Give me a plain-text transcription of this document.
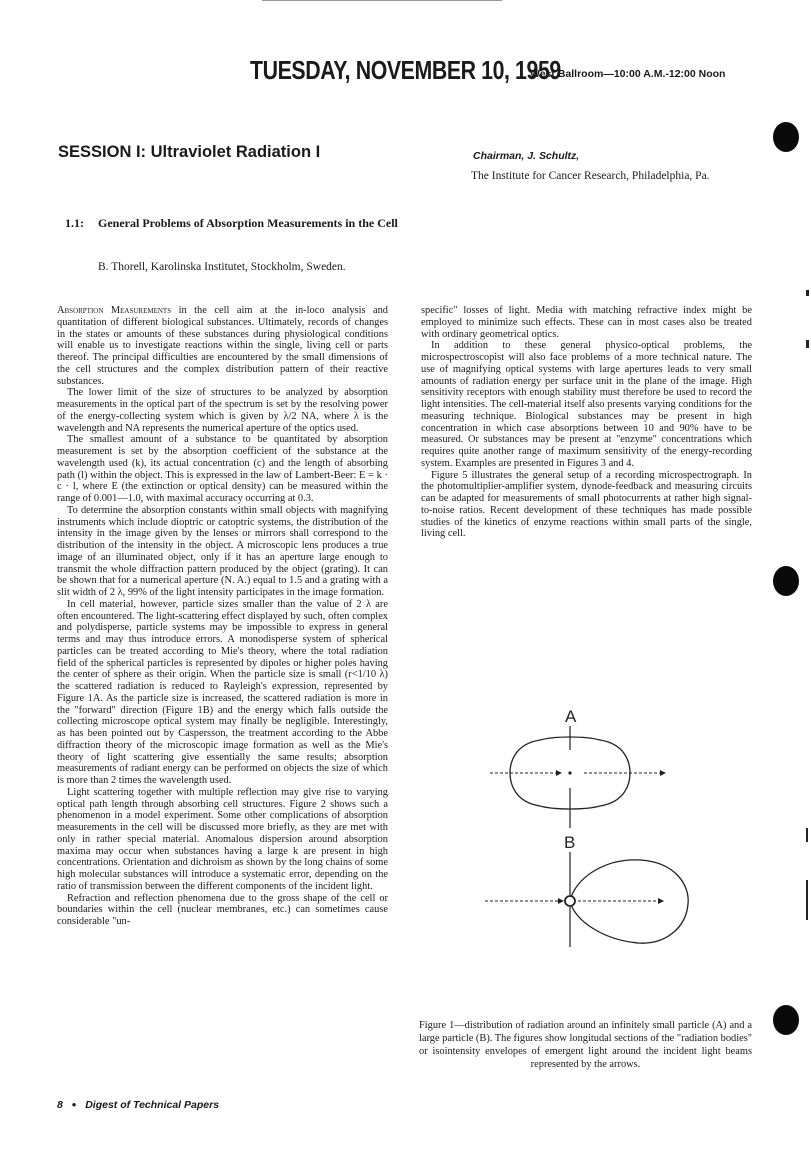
TUESDAY, NOVEMBER 10, 1959
West Ballroom—10:00 A.M.-12:00 Noon
SESSION I: Ultraviolet Radiation I	Chairman, J. Schultz,
The Institute for Cancer Research, Philadelphia, Pa.
1.1: General Problems of Absorption Measurements in the Cell
B. Thorell, Karolinska Institutet, Stockholm, Sweden.

Absorption Measurements in the cell aim at the in-loco analysis and quantitation of different biological substances. Ultimately, records of changes in the states or amounts of these substances during physiological conditions will enable us to investigate reactions within the single, living cell or parts thereof. The principal difficulties are encountered by the small dimensions of the cell structures and the complex distribution pattern of their reactive substances.

The lower limit of the size of structures to be analyzed by absorption measurements in the optical part of the spectrum is set by the resolving power of the energy-collecting system which is given by λ/2 NA, where λ is the wavelength and NA represents the numerical aperture of the optics used.

The smallest amount of a substance to be quantitated by absorption measurement is set by the absorption coefficient of the substance at the wavelength used (k), its actual concentration (c) and the length of absorbing path (l) within the object. This is expressed in the law of Lambert-Beer: E = k · c · l, where E (the extinction or optical density) can be measured within the range of 0.001—1.0, with maximal accuracy occurring at 0.3.

To determine the absorption constants within small objects with magnifying instruments which include dioptric or catoptric systems, the distribution of the intensity in the image given by the lenses or mirrors shall correspond to the distribution of the intensity in the object. A microscopic lens produces a true image of an illuminated object, only if it has an aperture large enough to transmit the whole diffraction pattern produced by the object (grating). It can be shown that for a numerical aperture (N. A.) equal to 1.5 and a grating with a slit width of 2 λ, 99% of the light intensity participates in the image formation.

In cell material, however, particle sizes smaller than the value of 2 λ are often encountered. The light-scattering effect displayed by such, often complex and polydisperse, particle systems may be impossible to express in general terms and may thus introduce errors. A monodisperse system of spherical particles can be treated according to Mie's theory, where the total radiation field of the spherical particles is represented by dipoles or higher poles having the center of sphere as their origin. When the particle size is small (r<1/10 λ) the scattered radiation is reduced to Rayleigh's expression, represented by Figure 1A. As the particle size is increased, the scattered radiation is more in the "forward" direction (Figure 1B) and the energy which falls outside the collecting microscope optical system may finally be negligible. Interestingly, as has been pointed out by Caspersson, the treatment according to the Abbe diffraction theory of the microscopic image formation as well as the Mie's theory of light scattering give essentially the same results; absorption measurements of radiant energy can be performed on objects the size of which is more than 2 times the wavelength used.

Light scattering together with multiple reflection may give rise to varying optical path length through absorbing cell structures. Figure 2 shows such a phenomenon in a model experiment. Some other complications of absorption measurements in the cell will be discussed more briefly, as they are met with only in rather special material. Anomalous dispersion around absorption maxima may occur when substances having a large k are present in high concentrations. Orientation and dichroism as shown by the long chains of some high molecular substances will introduce a systematic error, depending on the ratio of transmission between the different components of the incident light.

Refraction and reflection phenomena due to the gross shape of the cell or boundaries within the cell (nuclear membranes, etc.) can sometimes cause considerable "un-

specific" losses of light. Media with matching refractive index might be employed to minimize such effects. These can in most cases also be treated with ordinary geometrical optics.

In addition to these general physico-optical problems, the microspectroscopist will also face problems of a more technical nature. The use of magnifying optical systems with large apertures leads to very small amounts of radiation energy per surface unit in the plane of the image. High sensitivity receptors with enough stability must therefore be used to record the light intensities. The cell-material itself also presents varying conditions for the measuring technique. Biological substances may be present in high concentration in which case absorptions between 10 and 90% have to be measured. Or substances may be present at "enzyme" concentrations which requires quite another range of maximum sensitivity of the energy-recording system. Examples are presented in Figures 3 and 4.

Figure 5 illustrates the general setup of a recording microspectrograph. In the photomultiplier-amplifier system, dynode-feedback and measuring circuits can be adapted for measurements of small photocurrents at rather high signal-to-noise ratios. Recent development of these techniques has made possible studies of the kinetics of enzyme reactions within small parts of the single, living cell.

A
B
Figure 1—distribution of radiation around an infinitely small particle (A) and a large particle (B). The figures show longitudal sections of the "radiation bodies" or isointensity envelopes of emergent light around the incident light beams represented by the arrows.
8 ● Digest of Technical Papers
